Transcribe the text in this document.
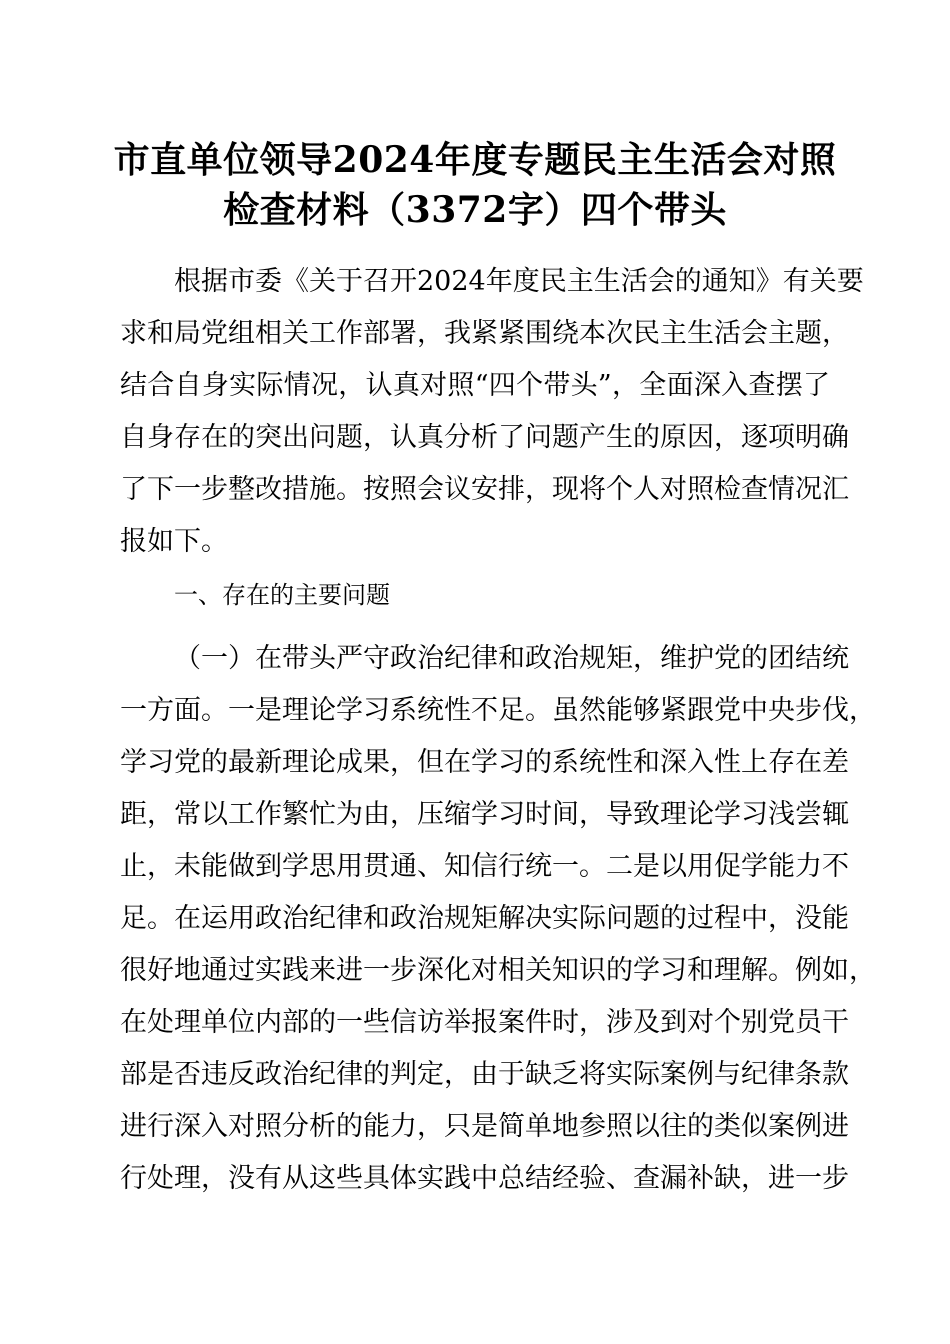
市直单位领导2024年度专题民主生活会对照
检查材料（3372字）四个带头
根据市委《关于召开2024年度民主生活会的通知》有关要
求和局党组相关工作部署，我紧紧围绕本次民主生活会主题，
结合自身实际情况，认真对照“四个带头”，全面深入查摆了
自身存在的突出问题，认真分析了问题产生的原因，逐项明确
了下一步整改措施。按照会议安排，现将个人对照检查情况汇
报如下。
一、存在的主要问题
（一）在带头严守政治纪律和政治规矩，维护党的团结统
一方面。一是理论学习系统性不足。虽然能够紧跟党中央步伐，
学习党的最新理论成果，但在学习的系统性和深入性上存在差
距，常以工作繁忙为由，压缩学习时间，导致理论学习浅尝辄
止，未能做到学思用贯通、知信行统一。二是以用促学能力不
足。在运用政治纪律和政治规矩解决实际问题的过程中，没能
很好地通过实践来进一步深化对相关知识的学习和理解。例如，
在处理单位内部的一些信访举报案件时，涉及到对个别党员干
部是否违反政治纪律的判定，由于缺乏将实际案例与纪律条款
进行深入对照分析的能力，只是简单地参照以往的类似案例进
行处理，没有从这些具体实践中总结经验、查漏补缺，进一步
